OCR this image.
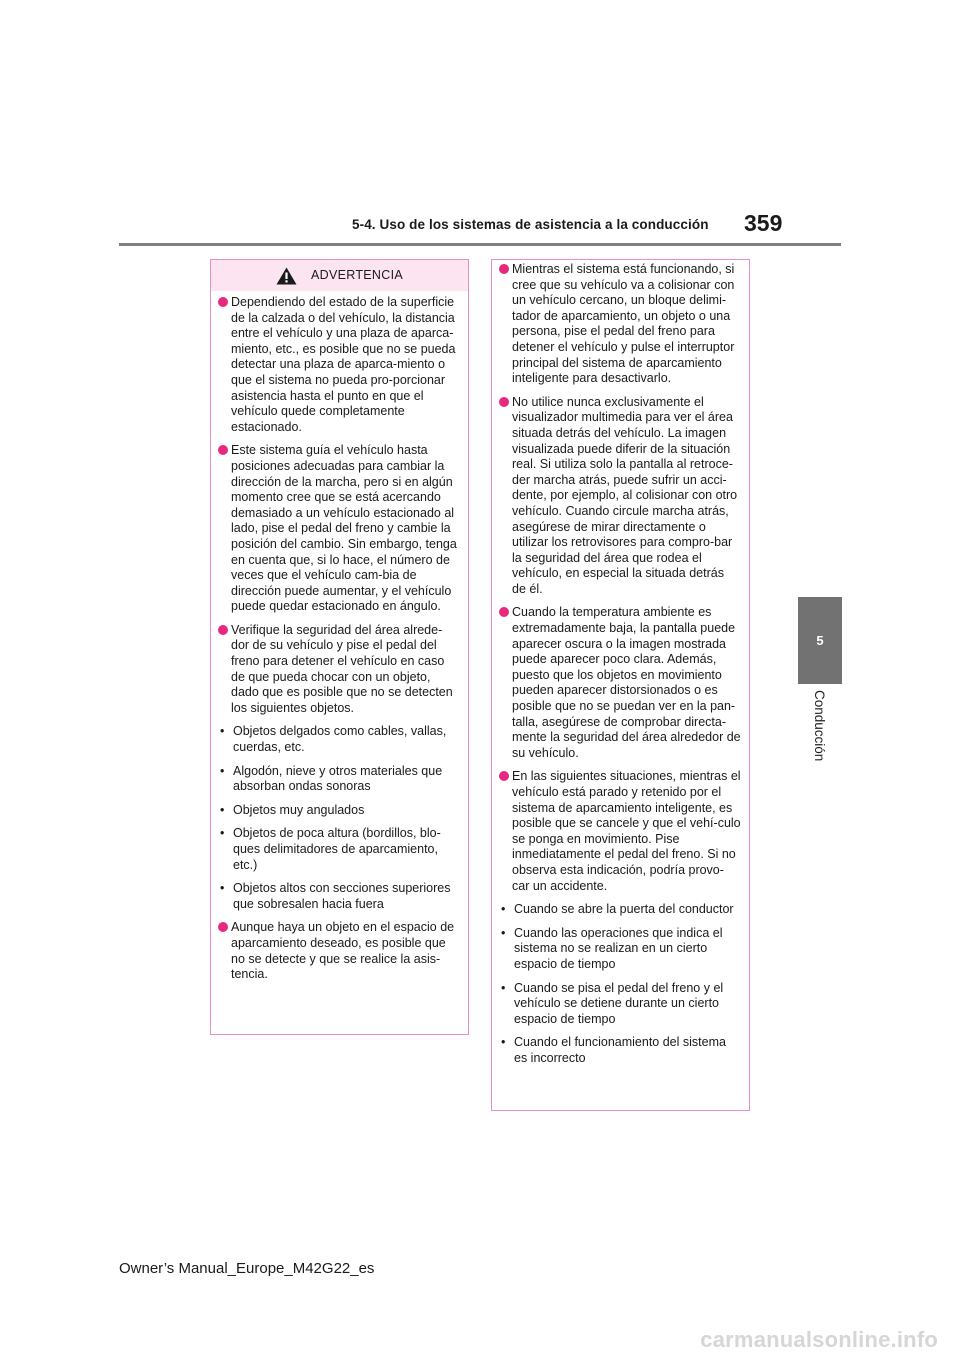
5-4. Uso de los sistemas de asistencia a la conducción 359
5
Conducción
ADVERTENCIA
Dependiendo del estado de la superficie de la calzada o del vehículo, la distancia entre el vehículo y una plaza de aparca-miento, etc., es posible que no se pueda detectar una plaza de aparca-miento o que el sistema no pueda pro-porcionar asistencia hasta el punto en que el vehículo quede completamente estacionado.
Este sistema guía el vehículo hasta posiciones adecuadas para cambiar la dirección de la marcha, pero si en algún momento cree que se está acercando demasiado a un vehículo estacionado al lado, pise el pedal del freno y cambie la posición del cambio. Sin embargo, tenga en cuenta que, si lo hace, el número de veces que el vehículo cam-bia de dirección puede aumentar, y el vehículo puede quedar estacionado en ángulo.
Verifique la seguridad del área alrede-dor de su vehículo y pise el pedal del freno para detener el vehículo en caso de que pueda chocar con un objeto, dado que es posible que no se detecten los siguientes objetos.
• Objetos delgados como cables, vallas, cuerdas, etc.
• Algodón, nieve y otros materiales que absorban ondas sonoras
• Objetos muy angulados
• Objetos de poca altura (bordillos, blo-ques delimitadores de aparcamiento, etc.)
• Objetos altos con secciones superiores que sobresalen hacia fuera
Aunque haya un objeto en el espacio de aparcamiento deseado, es posible que no se detecte y que se realice la asis-tencia.
Mientras el sistema está funcionando, si cree que su vehículo va a colisionar con un vehículo cercano, un bloque delimi-tador de aparcamiento, un objeto o una persona, pise el pedal del freno para detener el vehículo y pulse el interruptor principal del sistema de aparcamiento inteligente para desactivarlo.
No utilice nunca exclusivamente el visualizador multimedia para ver el área situada detrás del vehículo. La imagen visualizada puede diferir de la situación real. Si utiliza solo la pantalla al retroce-der marcha atrás, puede sufrir un acci-dente, por ejemplo, al colisionar con otro vehículo. Cuando circule marcha atrás, asegúrese de mirar directamente o utilizar los retrovisores para compro-bar la seguridad del área que rodea el vehículo, en especial la situada detrás de él.
Cuando la temperatura ambiente es extremadamente baja, la pantalla puede aparecer oscura o la imagen mostrada puede aparecer poco clara. Además, puesto que los objetos en movimiento pueden aparecer distorsionados o es posible que no se puedan ver en la pan-talla, asegúrese de comprobar directa-mente la seguridad del área alrededor de su vehículo.
En las siguientes situaciones, mientras el vehículo está parado y retenido por el sistema de aparcamiento inteligente, es posible que se cancele y que el vehí-culo se ponga en movimiento. Pise inmediatamente el pedal del freno. Si no observa esta indicación, podría provo-car un accidente.
• Cuando se abre la puerta del conductor
• Cuando las operaciones que indica el sistema no se realizan en un cierto espacio de tiempo
• Cuando se pisa el pedal del freno y el vehículo se detiene durante un cierto espacio de tiempo
• Cuando el funcionamiento del sistema es incorrecto
Owner’s Manual_Europe_M42G22_es
carmanualsonline.info
